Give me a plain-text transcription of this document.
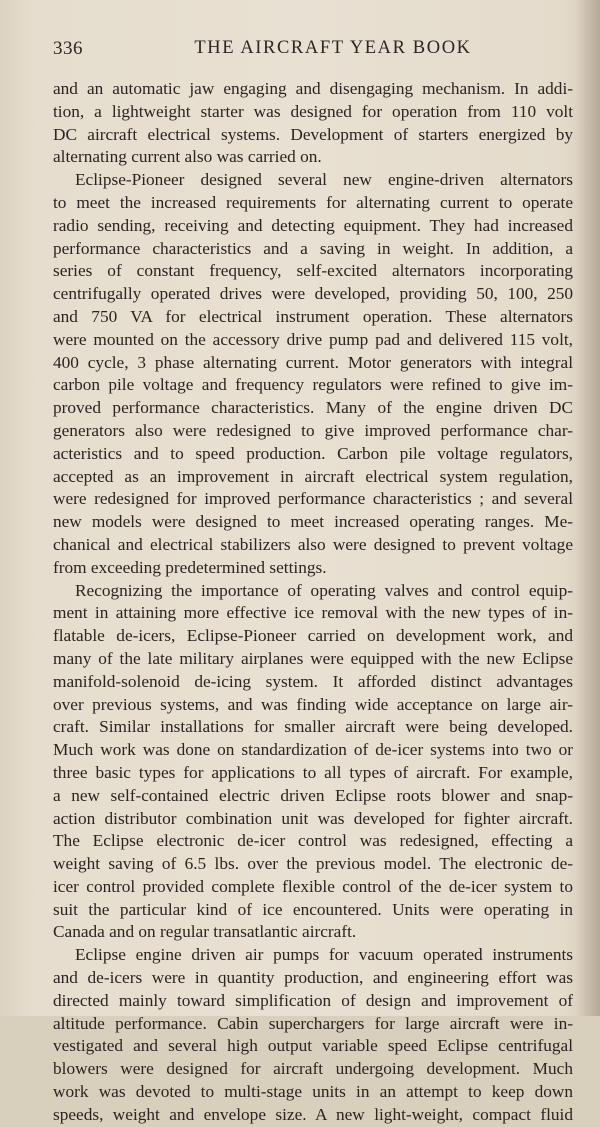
336	THE AIRCRAFT YEAR BOOK
and an automatic jaw engaging and disengaging mechanism. In addi-
tion, a lightweight starter was designed for operation from 110 volt
DC aircraft electrical systems. Development of starters energized by
alternating current also was carried on.
Eclipse-Pioneer designed several new engine-driven alternators
to meet the increased requirements for alternating current to operate
radio sending, receiving and detecting equipment. They had increased
performance characteristics and a saving in weight. In addition, a
series of constant frequency, self-excited alternators incorporating
centrifugally operated drives were developed, providing 50, 100, 250
and 750 VA for electrical instrument operation. These alternators
were mounted on the accessory drive pump pad and delivered 115 volt,
400 cycle, 3 phase alternating current. Motor generators with integral
carbon pile voltage and frequency regulators were refined to give im-
proved performance characteristics. Many of the engine driven DC
generators also were redesigned to give improved performance char-
acteristics and to speed production. Carbon pile voltage regulators,
accepted as an improvement in aircraft electrical system regulation,
were redesigned for improved performance characteristics ; and several
new models were designed to meet increased operating ranges. Me-
chanical and electrical stabilizers also were designed to prevent voltage
from exceeding predetermined settings.
Recognizing the importance of operating valves and control equip-
ment in attaining more effective ice removal with the new types of in-
flatable de-icers, Eclipse-Pioneer carried on development work, and
many of the late military airplanes were equipped with the new Eclipse
manifold-solenoid de-icing system. It afforded distinct advantages
over previous systems, and was finding wide acceptance on large air-
craft. Similar installations for smaller aircraft were being developed.
Much work was done on standardization of de-icer systems into two or
three basic types for applications to all types of aircraft. For example,
a new self-contained electric driven Eclipse roots blower and snap-
action distributor combination unit was developed for fighter aircraft.
The Eclipse electronic de-icer control was redesigned, effecting a
weight saving of 6.5 lbs. over the previous model. The electronic de-
icer control provided complete flexible control of the de-icer system to
suit the particular kind of ice encountered. Units were operating in
Canada and on regular transatlantic aircraft.
Eclipse engine driven air pumps for vacuum operated instruments
and de-icers were in quantity production, and engineering effort was
directed mainly toward simplification of design and improvement of
altitude performance. Cabin superchargers for large aircraft were in-
vestigated and several high output variable speed Eclipse centrifugal
blowers were designed for aircraft undergoing development. Much
work was devoted to multi-stage units in an attempt to keep down
speeds, weight and envelope size. A new light-weight, compact fluid
